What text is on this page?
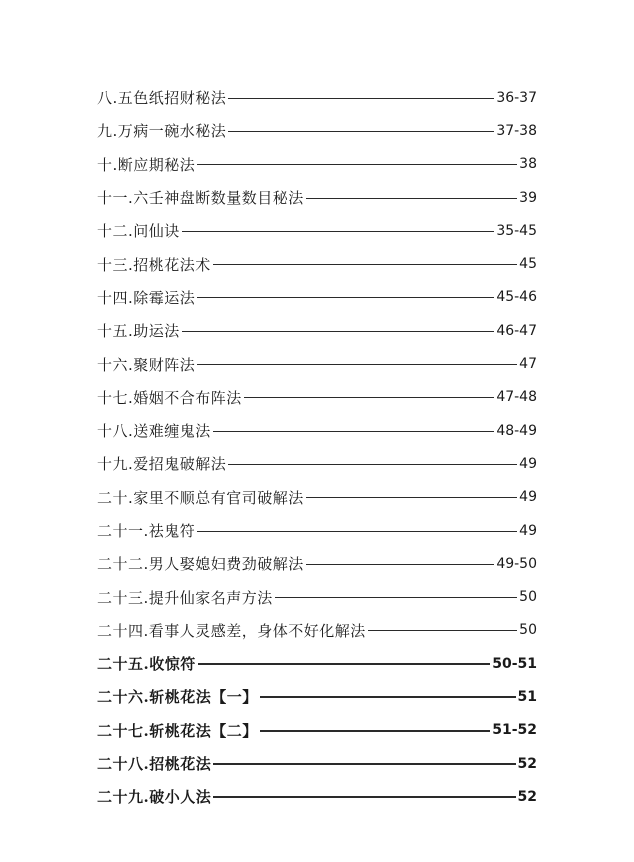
八.五色纸招财秘法	36-37
九.万病一碗水秘法	37-38
十.断应期秘法	38
十一.六壬神盘断数量数目秘法	39
十二.问仙诀	35-45
十三.招桃花法术	45
十四.除霉运法	45-46
十五.助运法	46-47
十六.聚财阵法	47
十七.婚姻不合布阵法	47-48
十八.送难缠鬼法	48-49
十九.爱招鬼破解法	49
二十.家里不顺总有官司破解法	49
二十一.祛鬼符	49
二十二.男人娶媳妇费劲破解法	49-50
二十三.提升仙家名声方法	50
二十四.看事人灵感差，身体不好化解法	50
二十五.收惊符	50-51
二十六.斩桃花法【一】	51
二十七.斩桃花法【二】	51-52
二十八.招桃花法	52
二十九.破小人法	52
